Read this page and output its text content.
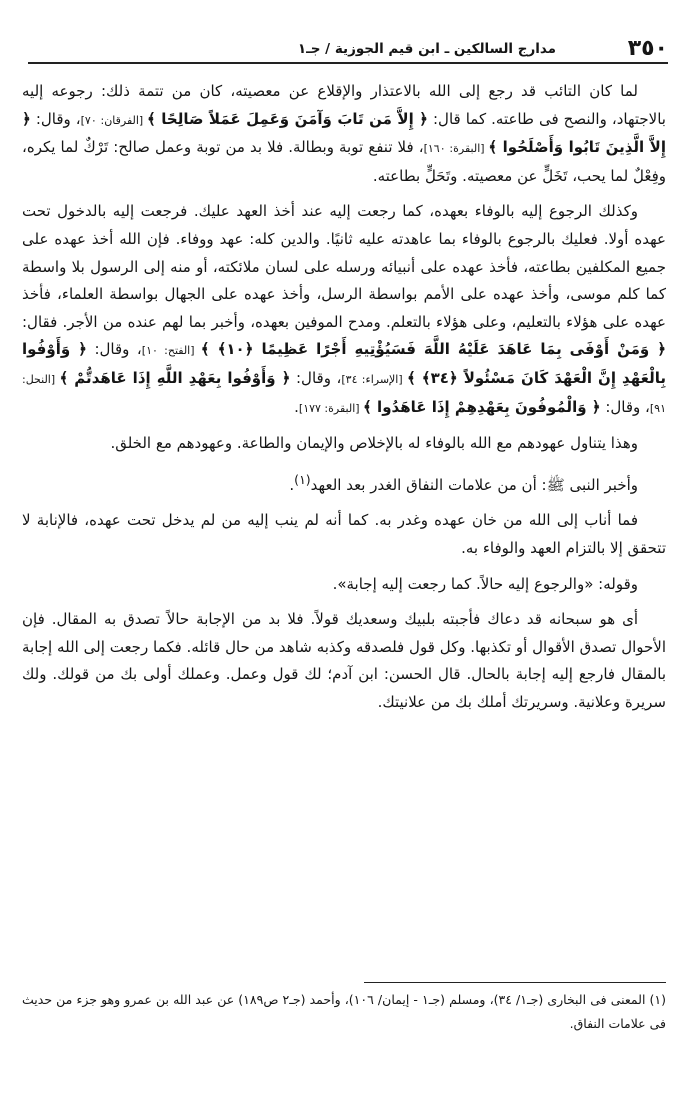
٣٥٠
مدارج السالكين ـ ابن قيم الجوزية / جـ١

لما كان التائب قد رجع إلى الله بالاعتذار والإقلاع عن معصيته، كان من تتمة ذلك: رجوعه إليه بالاجتهاد، والنصح فى طاعته. كما قال: ﴿ إِلاَّ مَن تَابَ وَآمَنَ وَعَمِلَ عَمَلاً صَالِحًا ﴾ [الفرقان: ٧٠]، وقال: ﴿ إِلاَّ الَّذِينَ تَابُوا وَأَصْلَحُوا ﴾ [البقرة: ١٦٠]، فلا تنفع توبة وبطالة. فلا بد من توبة وعمل صالح: تَرْكٌ لما يكره، وفِعْلٌ لما يحب، تَخَلٍّ عن معصيته. وتَحَلٍّ بطاعته.

وكذلك الرجوع إليه بالوفاء بعهده، كما رجعت إليه عند أخذ العهد عليك. فرجعت إليه بالدخول تحت عهده أولا. فعليك بالرجوع بالوفاء بما عاهدته عليه ثانيًا. والدين كله: عهد ووفاء. فإن الله أخذ عهده على جميع المكلفين بطاعته، فأخذ عهده على أنبيائه ورسله على لسان ملائكته، أو منه إلى الرسول بلا واسطة كما كلم موسى، وأخذ عهده على الأمم بواسطة الرسل، وأخذ عهده على الجهال بواسطة العلماء، فأخذ عهده على هؤلاء بالتعليم، وعلى هؤلاء بالتعلم. ومدح الموفين بعهده، وأخبر بما لهم عنده من الأجر. فقال: ﴿ وَمَنْ أَوْفَى بِمَا عَاهَدَ عَلَيْهُ اللَّهَ فَسَيُؤْتِيهِ أَجْرًا عَظِيمًا ﴿١٠﴾ ﴾ [الفتح: ١٠]، وقال: ﴿ وَأَوْفُوا بِالْعَهْدِ إِنَّ الْعَهْدَ كَانَ مَسْئُولاً ﴿٣٤﴾ ﴾ [الإسراء: ٣٤]، وقال: ﴿ وَأَوْفُوا بِعَهْدِ اللَّهِ إِذَا عَاهَدتُّمْ ﴾ [النحل: ٩١]، وقال: ﴿ وَالْمُوفُونَ بِعَهْدِهِمْ إِذَا عَاهَدُوا ﴾ [البقرة: ١٧٧].

وهذا يتناول عهودهم مع الله بالوفاء له بالإخلاص والإيمان والطاعة. وعهودهم مع الخلق.

وأخبر النبى ﷺ: أن من علامات النفاق الغدر بعد العهد$^{(١)}$.

فما أناب إلى الله من خان عهده وغدر به. كما أنه لم ينب إليه من لم يدخل تحت عهده، فالإنابة لا تتحقق إلا بالتزام العهد والوفاء به.

وقوله: «والرجوع إليه حالاً. كما رجعت إليه إجابة».

أى هو سبحانه قد دعاك فأجبته بلبيك وسعديك قولاً. فلا بد من الإجابة حالاً تصدق به المقال. فإن الأحوال تصدق الأقوال أو تكذبها. وكل قول فلصدقه وكذبه شاهد من حال قائله. فكما رجعت إلى الله إجابة بالمقال فارجع إليه إجابة بالحال. قال الحسن: ابن آدم؛ لك قول وعمل. وعملك أولى بك من قولك. ولك سريرة وعلانية. وسريرتك أملك بك من علانيتك.

(١) المعنى فى البخارى (جـ١/ ٣٤)، ومسلم (جـ١ - إيمان/ ١٠٦)، وأحمد (جـ٢ ص١٨٩) عن عبد الله بن عمرو وهو جزء من حديث فى علامات النفاق.
